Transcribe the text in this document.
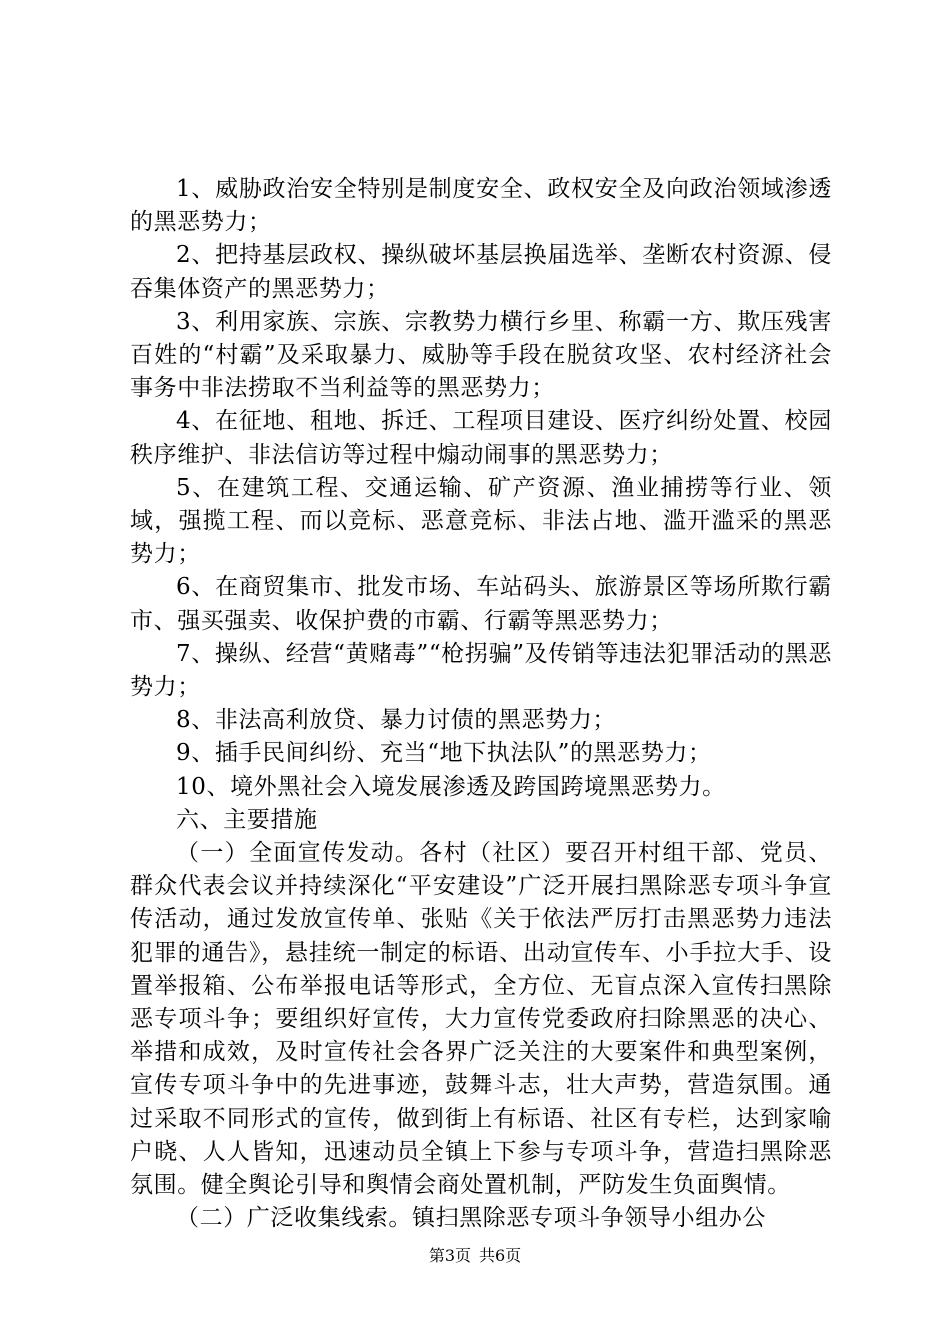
1、威胁政治安全特别是制度安全、政权安全及向政治领域渗透的黑恶势力；

2、把持基层政权、操纵破坏基层换届选举、垄断农村资源、侵吞集体资产的黑恶势力；

3、利用家族、宗族、宗教势力横行乡里、称霸一方、欺压残害百姓的“村霸”及采取暴力、威胁等手段在脱贫攻坚、农村经济社会事务中非法捞取不当利益等的黑恶势力；

4、在征地、租地、拆迁、工程项目建设、医疗纠纷处置、校园秩序维护、非法信访等过程中煽动闹事的黑恶势力；

5、在建筑工程、交通运输、矿产资源、渔业捕捞等行业、领域，强揽工程、而以竞标、恶意竞标、非法占地、滥开滥采的黑恶势力；

6、在商贸集市、批发市场、车站码头、旅游景区等场所欺行霸市、强买强卖、收保护费的市霸、行霸等黑恶势力；

7、操纵、经营“黄赌毒”“枪拐骗”及传销等违法犯罪活动的黑恶势力；

8、非法高利放贷、暴力讨债的黑恶势力；

9、插手民间纠纷、充当“地下执法队”的黑恶势力；

10、境外黑社会入境发展渗透及跨国跨境黑恶势力。

六、主要措施

（一）全面宣传发动。各村（社区）要召开村组干部、党员、群众代表会议并持续深化“平安建设”广泛开展扫黑除恶专项斗争宣传活动，通过发放宣传单、张贴《关于依法严厉打击黑恶势力违法犯罪的通告》，悬挂统一制定的标语、出动宣传车、小手拉大手、设置举报箱、公布举报电话等形式，全方位、无盲点深入宣传扫黑除恶专项斗争；要组织好宣传，大力宣传党委政府扫除黑恶的决心、举措和成效，及时宣传社会各界广泛关注的大要案件和典型案例，宣传专项斗争中的先进事迹，鼓舞斗志，壮大声势，营造氛围。通过采取不同形式的宣传，做到街上有标语、社区有专栏，达到家喻户晓、人人皆知，迅速动员全镇上下参与专项斗争，营造扫黑除恶氛围。健全舆论引导和舆情会商处置机制，严防发生负面舆情。

（二）广泛收集线索。镇扫黑除恶专项斗争领导小组办公

第3页 共6页
